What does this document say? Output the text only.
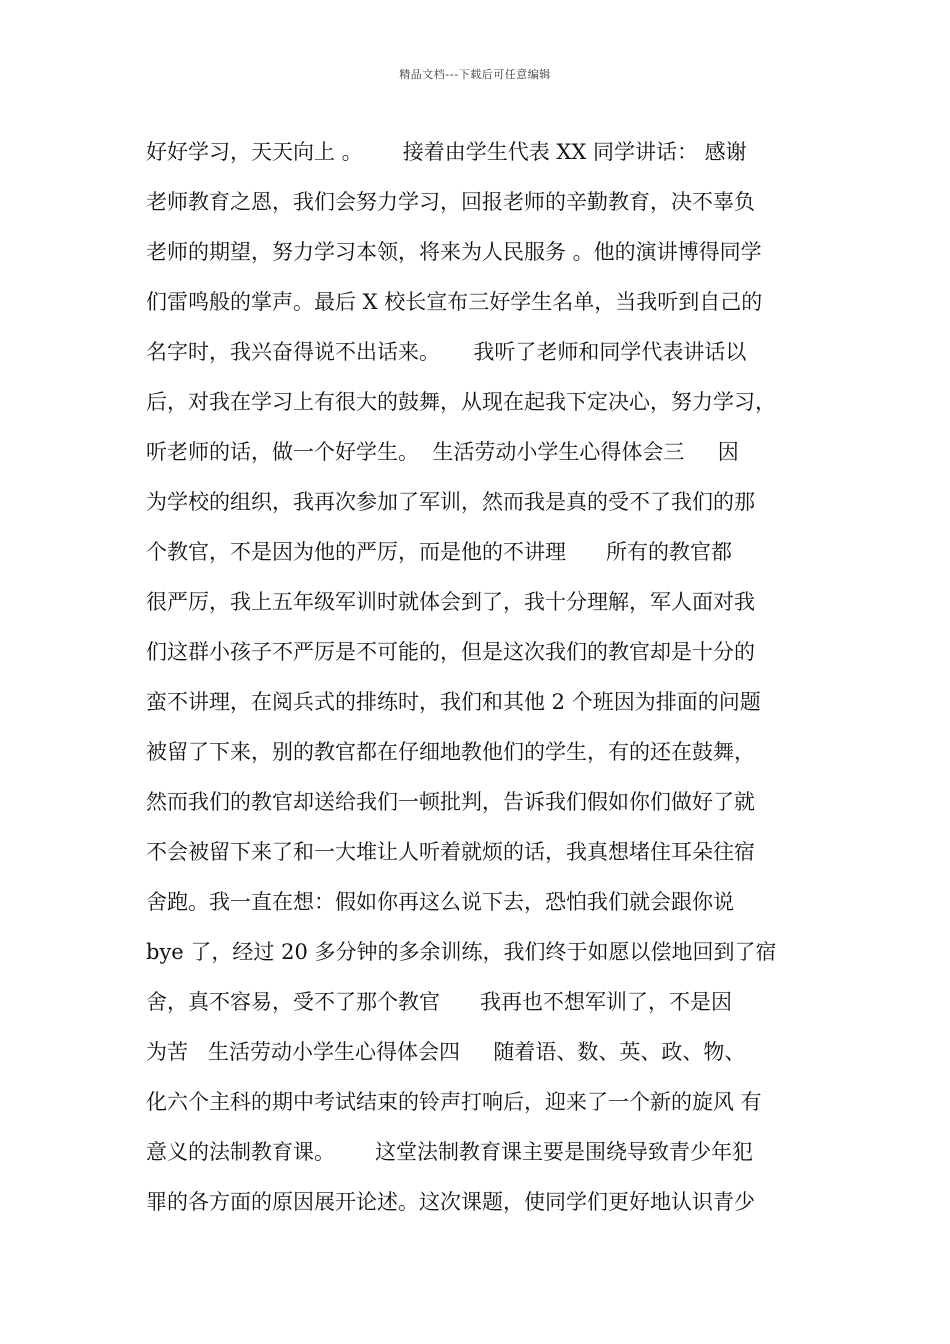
精品文档---下载后可任意编辑
好好学习，天天向上 。      接着由学生代表 XX 同学讲话： 感谢
老师教育之恩，我们会努力学习，回报老师的辛勤教育，决不辜负
老师的期望，努力学习本领，将来为人民服务 。他的演讲博得同学
们雷鸣般的掌声。最后 X 校长宣布三好学生名单，当我听到自己的
名字时，我兴奋得说不出话来。     我听了老师和同学代表讲话以
后，对我在学习上有很大的鼓舞，从现在起我下定决心，努力学习，
听老师的话，做一个好学生。  生活劳动小学生心得体会三     因
为学校的组织，我再次参加了军训，然而我是真的受不了我们的那
个教官，不是因为他的严厉，而是他的不讲理      所有的教官都
很严厉，我上五年级军训时就体会到了，我十分理解，军人面对我
们这群小孩子不严厉是不可能的，但是这次我们的教官却是十分的
蛮不讲理，在阅兵式的排练时，我们和其他 2 个班因为排面的问题
被留了下来，别的教官都在仔细地教他们的学生，有的还在鼓舞，
然而我们的教官却送给我们一顿批判，告诉我们假如你们做好了就
不会被留下来了和一大堆让人听着就烦的话，我真想堵住耳朵往宿
舍跑。我一直在想：假如你再这么说下去，恐怕我们就会跟你说
bye 了，经过 20 多分钟的多余训练，我们终于如愿以偿地回到了宿
舍，真不容易，受不了那个教官      我再也不想军训了，不是因
为苦   生活劳动小学生心得体会四     随着语、数、英、政、物、
化六个主科的期中考试结束的铃声打响后，迎来了一个新的旋风 有
意义的法制教育课。      这堂法制教育课主要是围绕导致青少年犯
罪的各方面的原因展开论述。这次课题，使同学们更好地认识青少
